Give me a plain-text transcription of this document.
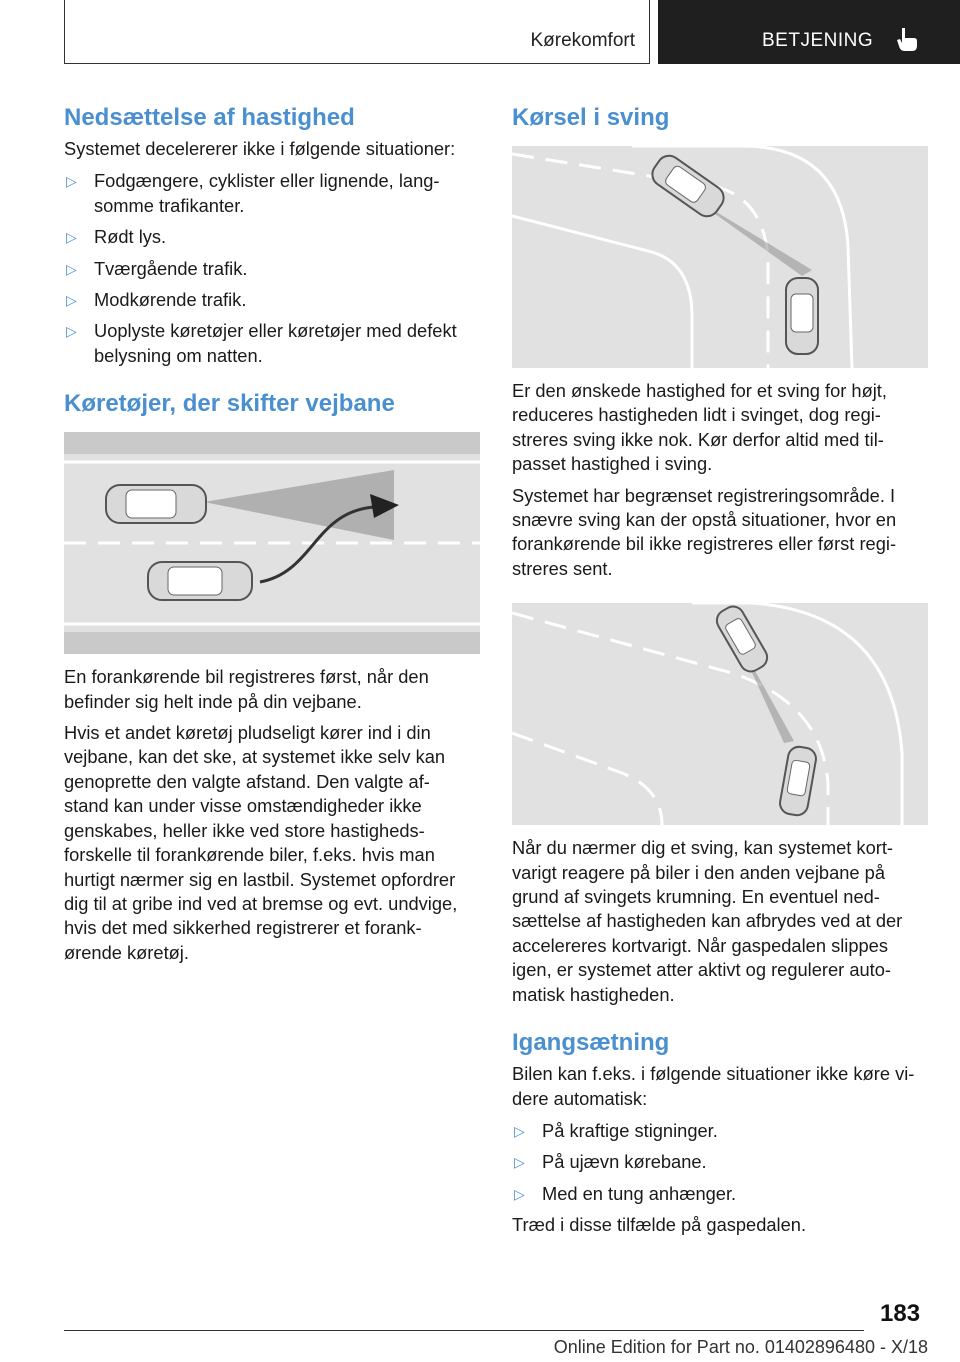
Kørekomfort	BETJENING
Nedsættelse af hastighed

Systemet decelererer ikke i følgende situationer:

▷ Fodgængere, cyklister eller lignende, lang-
somme trafikanter.
▷ Rødt lys.
▷ Tværgående trafik.
▷ Modkørende trafik.
▷ Uoplyste køretøjer eller køretøjer med defekt
belysning om natten.
Køretøjer, der skifter vejbane

En forankørende bil registreres først, når den
befinder sig helt inde på din vejbane.

Hvis et andet køretøj pludseligt kører ind i din
vejbane, kan det ske, at systemet ikke selv kan
genoprette den valgte afstand. Den valgte af-
stand kan under visse omstændigheder ikke
genskabes, heller ikke ved store hastigheds-
forskelle til forankørende biler, f.eks. hvis man
hurtigt nærmer sig en lastbil. Systemet opfordrer
dig til at gribe ind ved at bremse og evt. undvige,
hvis det med sikkerhed registrerer et forank-
ørende køretøj.

Kørsel i sving

Er den ønskede hastighed for et sving for højt,
reduceres hastigheden lidt i svinget, dog regi-
streres sving ikke nok. Kør derfor altid med til-
passet hastighed i sving.

Systemet har begrænset registreringsområde. I
snævre sving kan der opstå situationer, hvor en
forankørende bil ikke registreres eller først regi-
streres sent.

Når du nærmer dig et sving, kan systemet kort-
varigt reagere på biler i den anden vejbane på
grund af svingets krumning. En eventuel ned-
sættelse af hastigheden kan afbrydes ved at der
accelereres kortvarigt. Når gaspedalen slippes
igen, er systemet atter aktivt og regulerer auto-
matisk hastigheden.

Igangsætning

Bilen kan f.eks. i følgende situationer ikke køre vi-
dere automatisk:

▷ På kraftige stigninger.
▷ På ujævn kørebane.
▷ Med en tung anhænger.

Træd i disse tilfælde på gaspedalen.

183
Online Edition for Part no. 01402896480 - X/18
